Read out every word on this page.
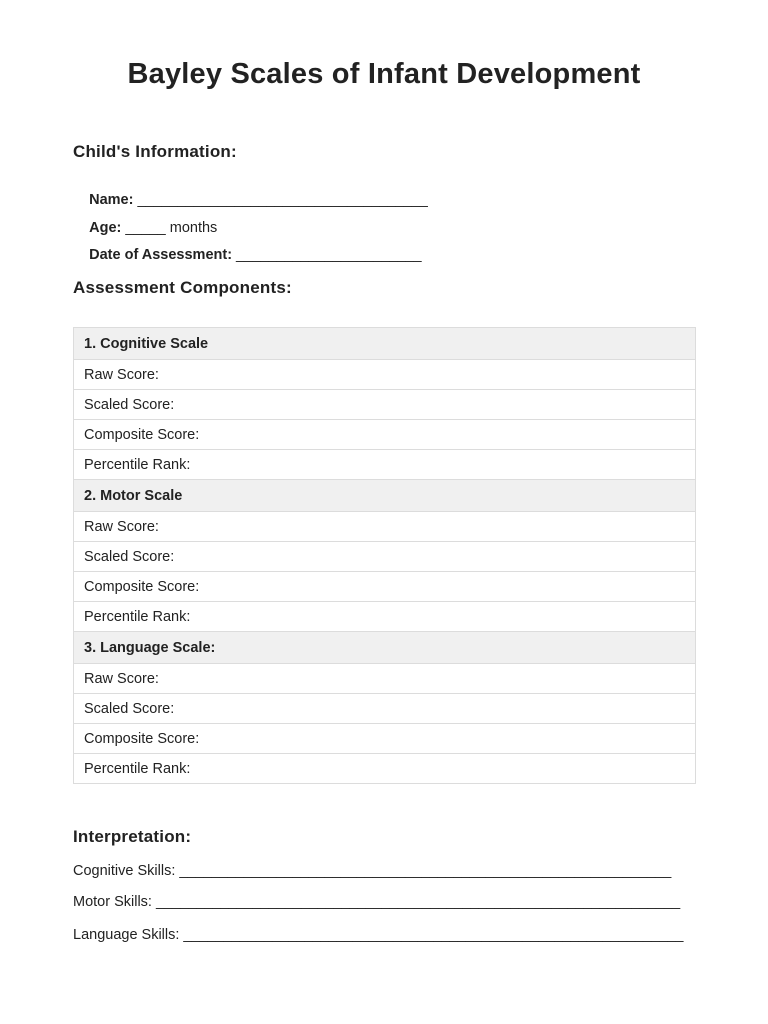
Bayley Scales of Infant Development
Child's Information:

Name: ____________________________________

Age: _____ months

Date of Assessment: _______________________

Assessment Components:
1. Cognitive Scale
Raw Score:
Scaled Score:
Composite Score:
Percentile Rank:
2. Motor Scale
Raw Score:
Scaled Score:
Composite Score:
Percentile Rank:
3. Language Scale:
Raw Score:
Scaled Score:
Composite Score:
Percentile Rank:
Interpretation:
Cognitive Skills: _____________________________________________________________
Motor Skills: _________________________________________________________________
Language Skills: ______________________________________________________________
